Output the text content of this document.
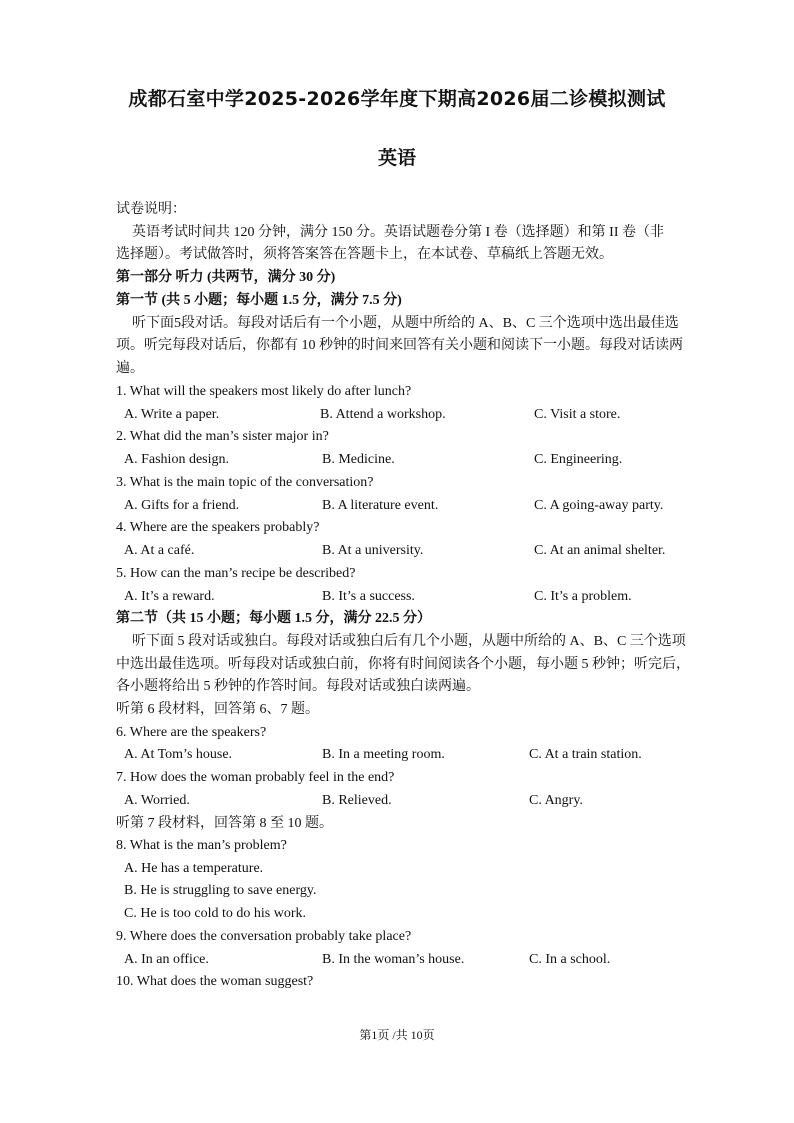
成都石室中学2025-2026学年度下期高2026届二诊模拟测试
英语
试卷说明：
英语考试时间共 120 分钟，满分 150 分。英语试题卷分第 I 卷（选择题）和第 II 卷（非
选择题）。考试做答时，须将答案答在答题卡上，在本试卷、草稿纸上答题无效。
第一部分 听力 (共两节，满分 30 分)
第一节 (共 5 小题；每小题 1.5 分，满分 7.5 分)
听下面5段对话。每段对话后有一个小题，从题中所给的 A、B、C 三个选项中选出最佳选
项。听完每段对话后，你都有 10 秒钟的时间来回答有关小题和阅读下一小题。每段对话读两
遍。
1. What will the speakers most likely do after lunch?
A. Write a paper.	B. Attend a workshop.	C. Visit a store.
2. What did the man’s sister major in?
A. Fashion design.	B. Medicine.	C. Engineering.
3. What is the main topic of the conversation?
A. Gifts for a friend.	B. A literature event.	C. A going-away party.
4. Where are the speakers probably?
A. At a café.	B. At a university.	C. At an animal shelter.
5. How can the man’s recipe be described?
A. It’s a reward.	B. It’s a success.	C. It’s a problem.
第二节（共 15 小题；每小题 1.5 分，满分 22.5 分）
听下面 5 段对话或独白。每段对话或独白后有几个小题，从题中所给的 A、B、C 三个选项
中选出最佳选项。听每段对话或独白前，你将有时间阅读各个小题，每小题 5 秒钟；听完后，
各小题将给出 5 秒钟的作答时间。每段对话或独白读两遍。
听第 6 段材料，回答第 6、7 题。
6. Where are the speakers?
A. At Tom’s house.	B. In a meeting room.	C. At a train station.
7. How does the woman probably feel in the end?
A. Worried.	B. Relieved.	C. Angry.
听第 7 段材料，回答第 8 至 10 题。
8. What is the man’s problem?
A. He has a temperature.
B. He is struggling to save energy.
C. He is too cold to do his work.
9. Where does the conversation probably take place?
A. In an office.	B. In the woman’s house.	C. In a school.
10. What does the woman suggest?
第1页 /共 10页
